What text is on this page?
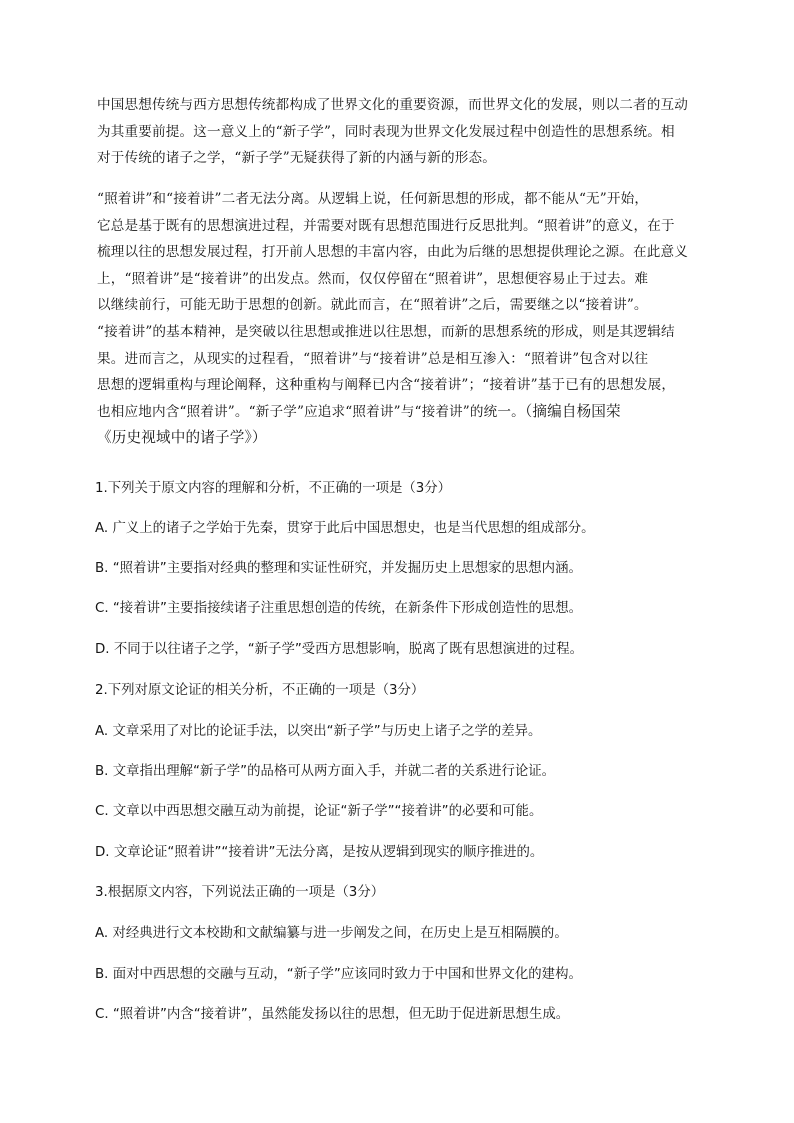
中国思想传统与西方思想传统都构成了世界文化的重要资源，而世界文化的发展，则以二者的互动
为其重要前提。这一意义上的“新子学”，同时表现为世界文化发展过程中创造性的思想系统。相
对于传统的诸子之学，“新子学”无疑获得了新的内涵与新的形态。
“照着讲”和“接着讲”二者无法分离。从逻辑上说，任何新思想的形成，都不能从“无”开始，
它总是基于既有的思想演进过程，并需要对既有思想范围进行反思批判。“照着讲”的意义，在于
梳理以往的思想发展过程，打开前人思想的丰富内容，由此为后继的思想提供理论之源。在此意义
上，“照着讲”是“接着讲”的出发点。然而，仅仅停留在“照着讲”，思想便容易止于过去。难
以继续前行，可能无助于思想的创新。就此而言，在“照着讲”之后，需要继之以“接着讲”。
“接着讲”的基本精神，是突破以往思想或推进以往思想，而新的思想系统的形成，则是其逻辑结
果。进而言之，从现实的过程看，“照着讲”与“接着讲”总是相互渗入：“照着讲”包含对以往
思想的逻辑重构与理论阐释，这种重构与阐释已内含“接着讲”；“接着讲”基于已有的思想发展，
也相应地内含“照着讲”。“新子学”应追求“照着讲”与“接着讲”的统一。（摘编自杨国荣
《历史视域中的诸子学》）
1.下列关于原文内容的理解和分析，不正确的一项是（3分）
A. 广义上的诸子之学始于先秦，贯穿于此后中国思想史，也是当代思想的组成部分。
B. “照着讲”主要指对经典的整理和实证性研究，并发掘历史上思想家的思想内涵。
C. “接着讲”主要指接续诸子注重思想创造的传统，在新条件下形成创造性的思想。
D. 不同于以往诸子之学，“新子学”受西方思想影响，脱离了既有思想演进的过程。
2.下列对原文论证的相关分析，不正确的一项是（3分）
A. 文章采用了对比的论证手法，以突出“新子学”与历史上诸子之学的差异。
B. 文章指出理解“新子学”的品格可从两方面入手，并就二者的关系进行论证。
C. 文章以中西思想交融互动为前提，论证“新子学”“接着讲”的必要和可能。
D. 文章论证“照着讲”“接着讲”无法分离，是按从逻辑到现实的顺序推进的。
3.根据原文内容，下列说法正确的一项是（3分）
A. 对经典进行文本校勘和文献编纂与进一步阐发之间，在历史上是互相隔膜的。
B. 面对中西思想的交融与互动，“新子学”应该同时致力于中国和世界文化的建构。
C. “照着讲”内含“接着讲”，虽然能发扬以往的思想，但无助于促进新思想生成。
